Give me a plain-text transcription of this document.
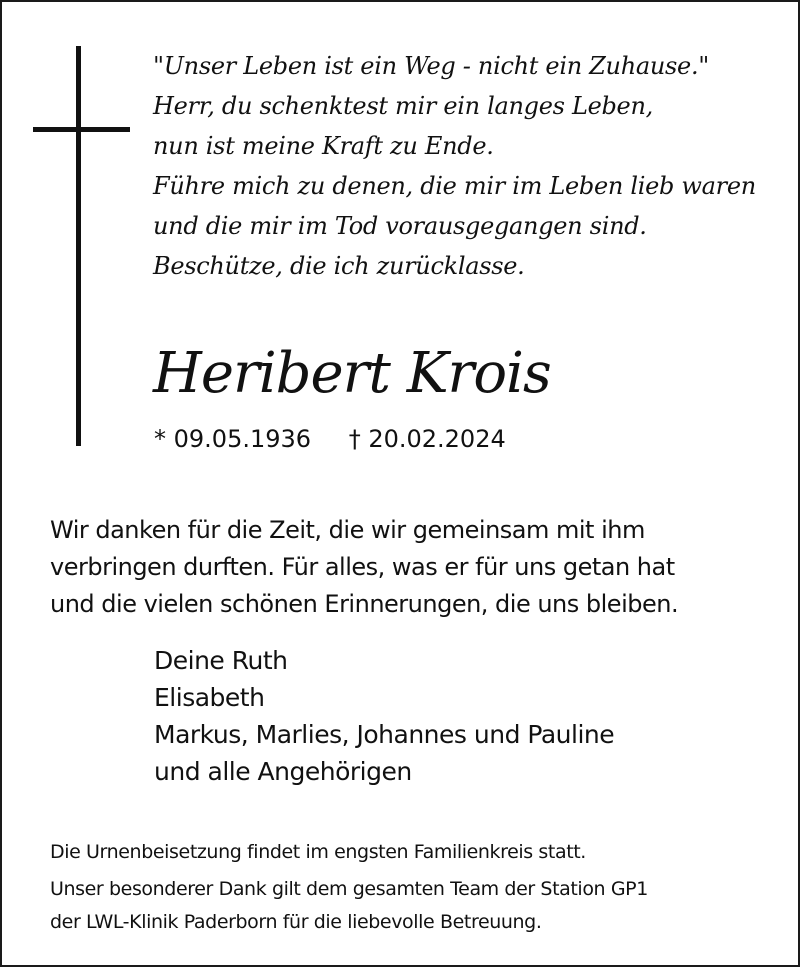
"Unser Leben ist ein Weg - nicht ein Zuhause."
Herr, du schenktest mir ein langes Leben,
nun ist meine Kraft zu Ende.
Führe mich zu denen, die mir im Leben lieb waren
und die mir im Tod vorausgegangen sind.
Beschütze, die ich zurücklasse.
Heribert Krois
* 09.05.1936 † 20.02.2024
Wir danken für die Zeit, die wir gemeinsam mit ihm
verbringen durften. Für alles, was er für uns getan hat
und die vielen schönen Erinnerungen, die uns bleiben.
Deine Ruth
Elisabeth
Markus, Marlies, Johannes und Pauline
und alle Angehörigen
Die Urnenbeisetzung findet im engsten Familienkreis statt.
Unser besonderer Dank gilt dem gesamten Team der Station GP1
der LWL-Klinik Paderborn für die liebevolle Betreuung.
